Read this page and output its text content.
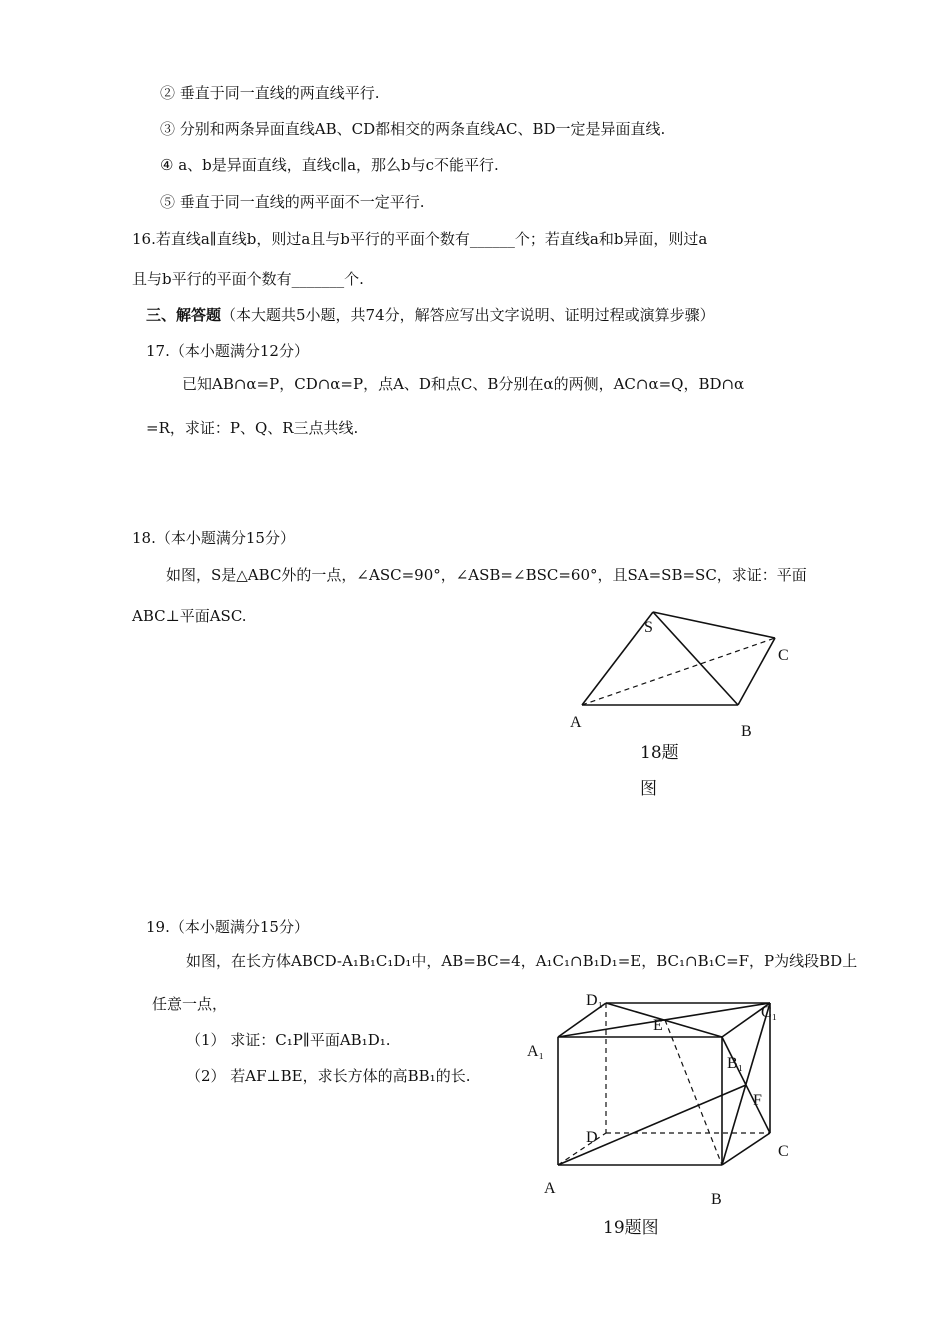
② 垂直于同一直线的两直线平行.
③ 分别和两条异面直线AB、CD都相交的两条直线AC、BD一定是异面直线.
④ a、b是异面直线，直线c∥a，那么b与c不能平行.
⑤ 垂直于同一直线的两平面不一定平行.
16.若直线a∥直线b，则过a且与b平行的平面个数有______个；若直线a和b异面，则过a
且与b平行的平面个数有_______个.
三、解答题（本大题共5小题，共74分，解答应写出文字说明、证明过程或演算步骤）
17.（本小题满分12分）
已知AB∩α=P，CD∩α=P，点A、D和点C、B分别在α的两侧，AC∩α=Q，BD∩α
=R，求证：P、Q、R三点共线.
18.（本小题满分15分）
如图，S是△ABC外的一点，∠ASC=90°，∠ASB=∠BSC=60°，且SA=SB=SC，求证：平面
ABC⊥平面ASC.
S
C
A
B
18题
图
19.（本小题满分15分）
如图，在长方体ABCD-A₁B₁C₁D₁中，AB=BC=4，A₁C₁∩B₁D₁=E，BC₁∩B₁C=F，P为线段BD上
任意一点，
（1） 求证：C₁P∥平面AB₁D₁.
（2） 若AF⊥BE，求长方体的高BB₁的长.
D₁
C₁
E
A₁
B₁
F
D
C
A
B
19题图
